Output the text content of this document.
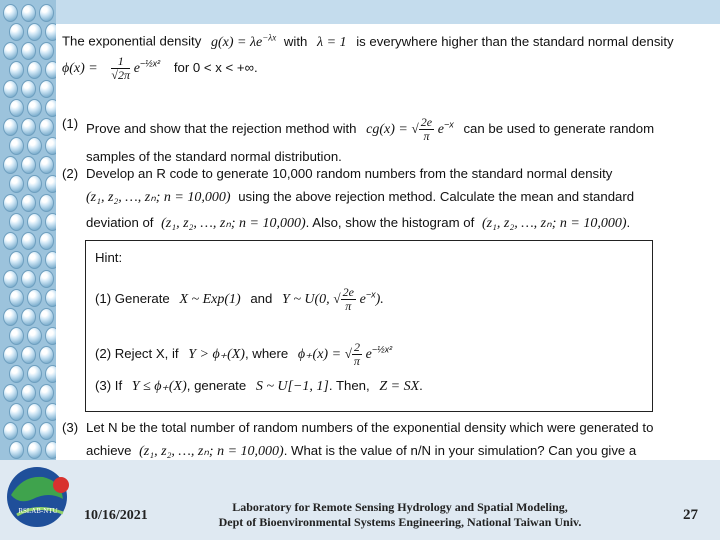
The exponential density $g(x) = \lambda e^{-\lambda x}$ with λ = 1 is everywhere higher than the standard normal density
$\phi(x) = \frac{1}{√2\pi} e^{-\frac{1}{2}x^2}$ for 0 < x < +∞.
(1) Prove and show that the rejection method with cg(x) = √ $\frac{2e}{\pi} e^{-x}$ can be used to generate random
samples of the standard normal distribution.
(2) Develop an R code to generate 10,000 random numbers from the standard normal density
(z₁, z₂, …, zₙ; n = 10,000) using the above rejection method. Calculate the mean and standard
deviation of (z₁, z₂, …, zₙ; n = 10,000). Also, show the histogram of (z₁, z₂, …, zₙ; n = 10,000).
Hint:
(1) Generate X ~ Exp(1) and Y ~ U(0, √ $\frac{2e}{\pi} e^{-x}$).
(2) Reject X, if Y > ϕ₊(X), where ϕ₊(x) = √ $\frac{2}{\pi} e^{-\frac{1}{2}x^2}$
(3) If Y ≤ ϕ₊(X), generate S ~ U[−1, 1]. Then, Z = SX.
(3) Let N be the total number of random numbers of the exponential density which were generated to
achieve (z₁, z₂, …, zₙ; n = 10,000). What is the value of n/N in your simulation? Can you give a
RSLAB-NTU 10/16/2021
Laboratory for Remote Sensing Hydrology and Spatial Modeling,
Dept of Bioenvironmental Systems Engineering, National Taiwan Univ.	27
